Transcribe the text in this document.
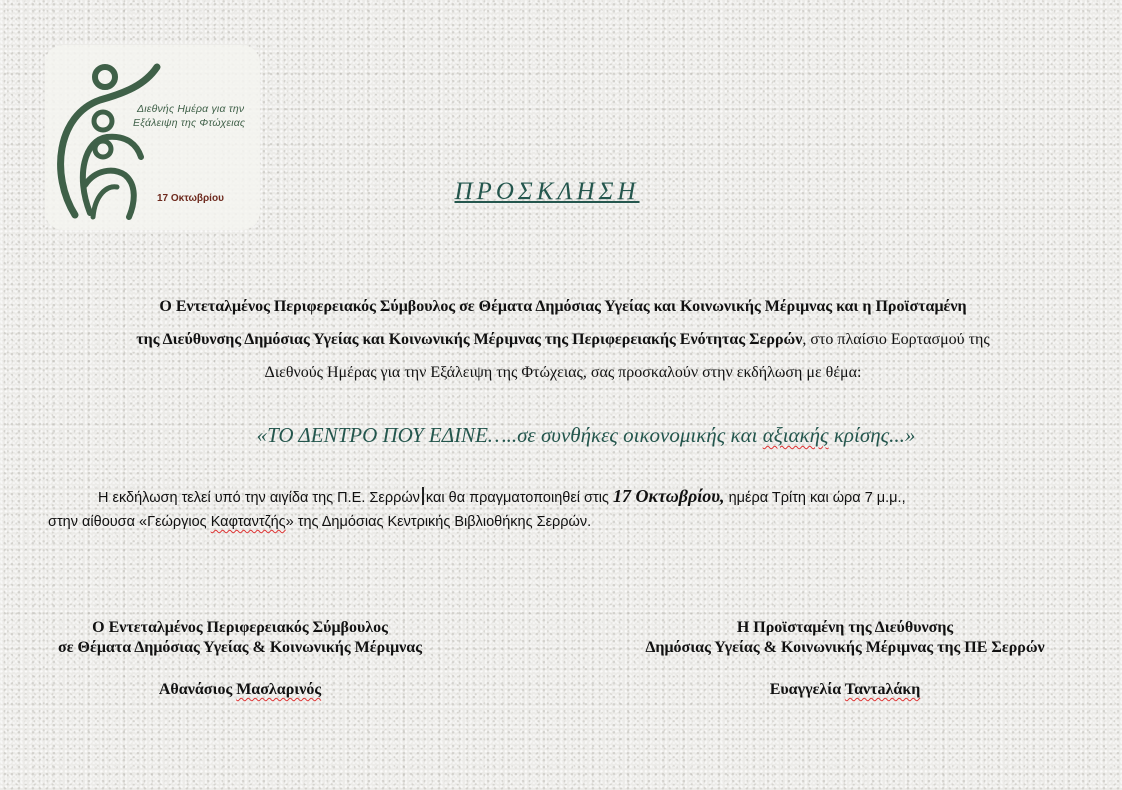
Διεθνής Ημέρα για την
Εξάλειψη της Φτώχειας
17 Οκτωβρίου	ΠΡΟΣΚΛΗΣΗ
Ο Εντεταλμένος Περιφερειακός Σύμβουλος σε Θέματα Δημόσιας Υγείας και Κοινωνικής Μέριμνας και η Προϊσταμένη
της Διεύθυνσης Δημόσιας Υγείας και Κοινωνικής Μέριμνας της Περιφερειακής Ενότητας Σερρών, στο πλαίσιο Εορτασμού της
Διεθνούς Ημέρας για την Εξάλειψη της Φτώχειας, σας προσκαλούν στην εκδήλωση με θέμα:
«ΤΟ ΔΕΝΤΡΟ ΠΟΥ ΕΔΙΝΕ…..σε συνθήκες οικονομικής και αξιακής κρίσης...»
Η εκδήλωση τελεί υπό την αιγίδα της Π.Ε. Σερρών και θα πραγματοποιηθεί στις 17 Οκτωβρίου, ημέρα Τρίτη και ώρα 7 μ.μ.,
στην αίθουσα «Γεώργιος Καφταντζής» της Δημόσιας Κεντρικής Βιβλιοθήκης Σερρών.
Ο Εντεταλμένος Περιφερειακός Σύμβουλος
σε Θέματα Δημόσιας Υγείας & Κοινωνικής Μέριμνας
Αθανάσιος Μασλαρινός
Η Προϊσταμένη της Διεύθυνσης
Δημόσιας Υγείας & Κοινωνικής Μέριμνας της ΠΕ Σερρών
Ευαγγελία Ταντaλάκη
